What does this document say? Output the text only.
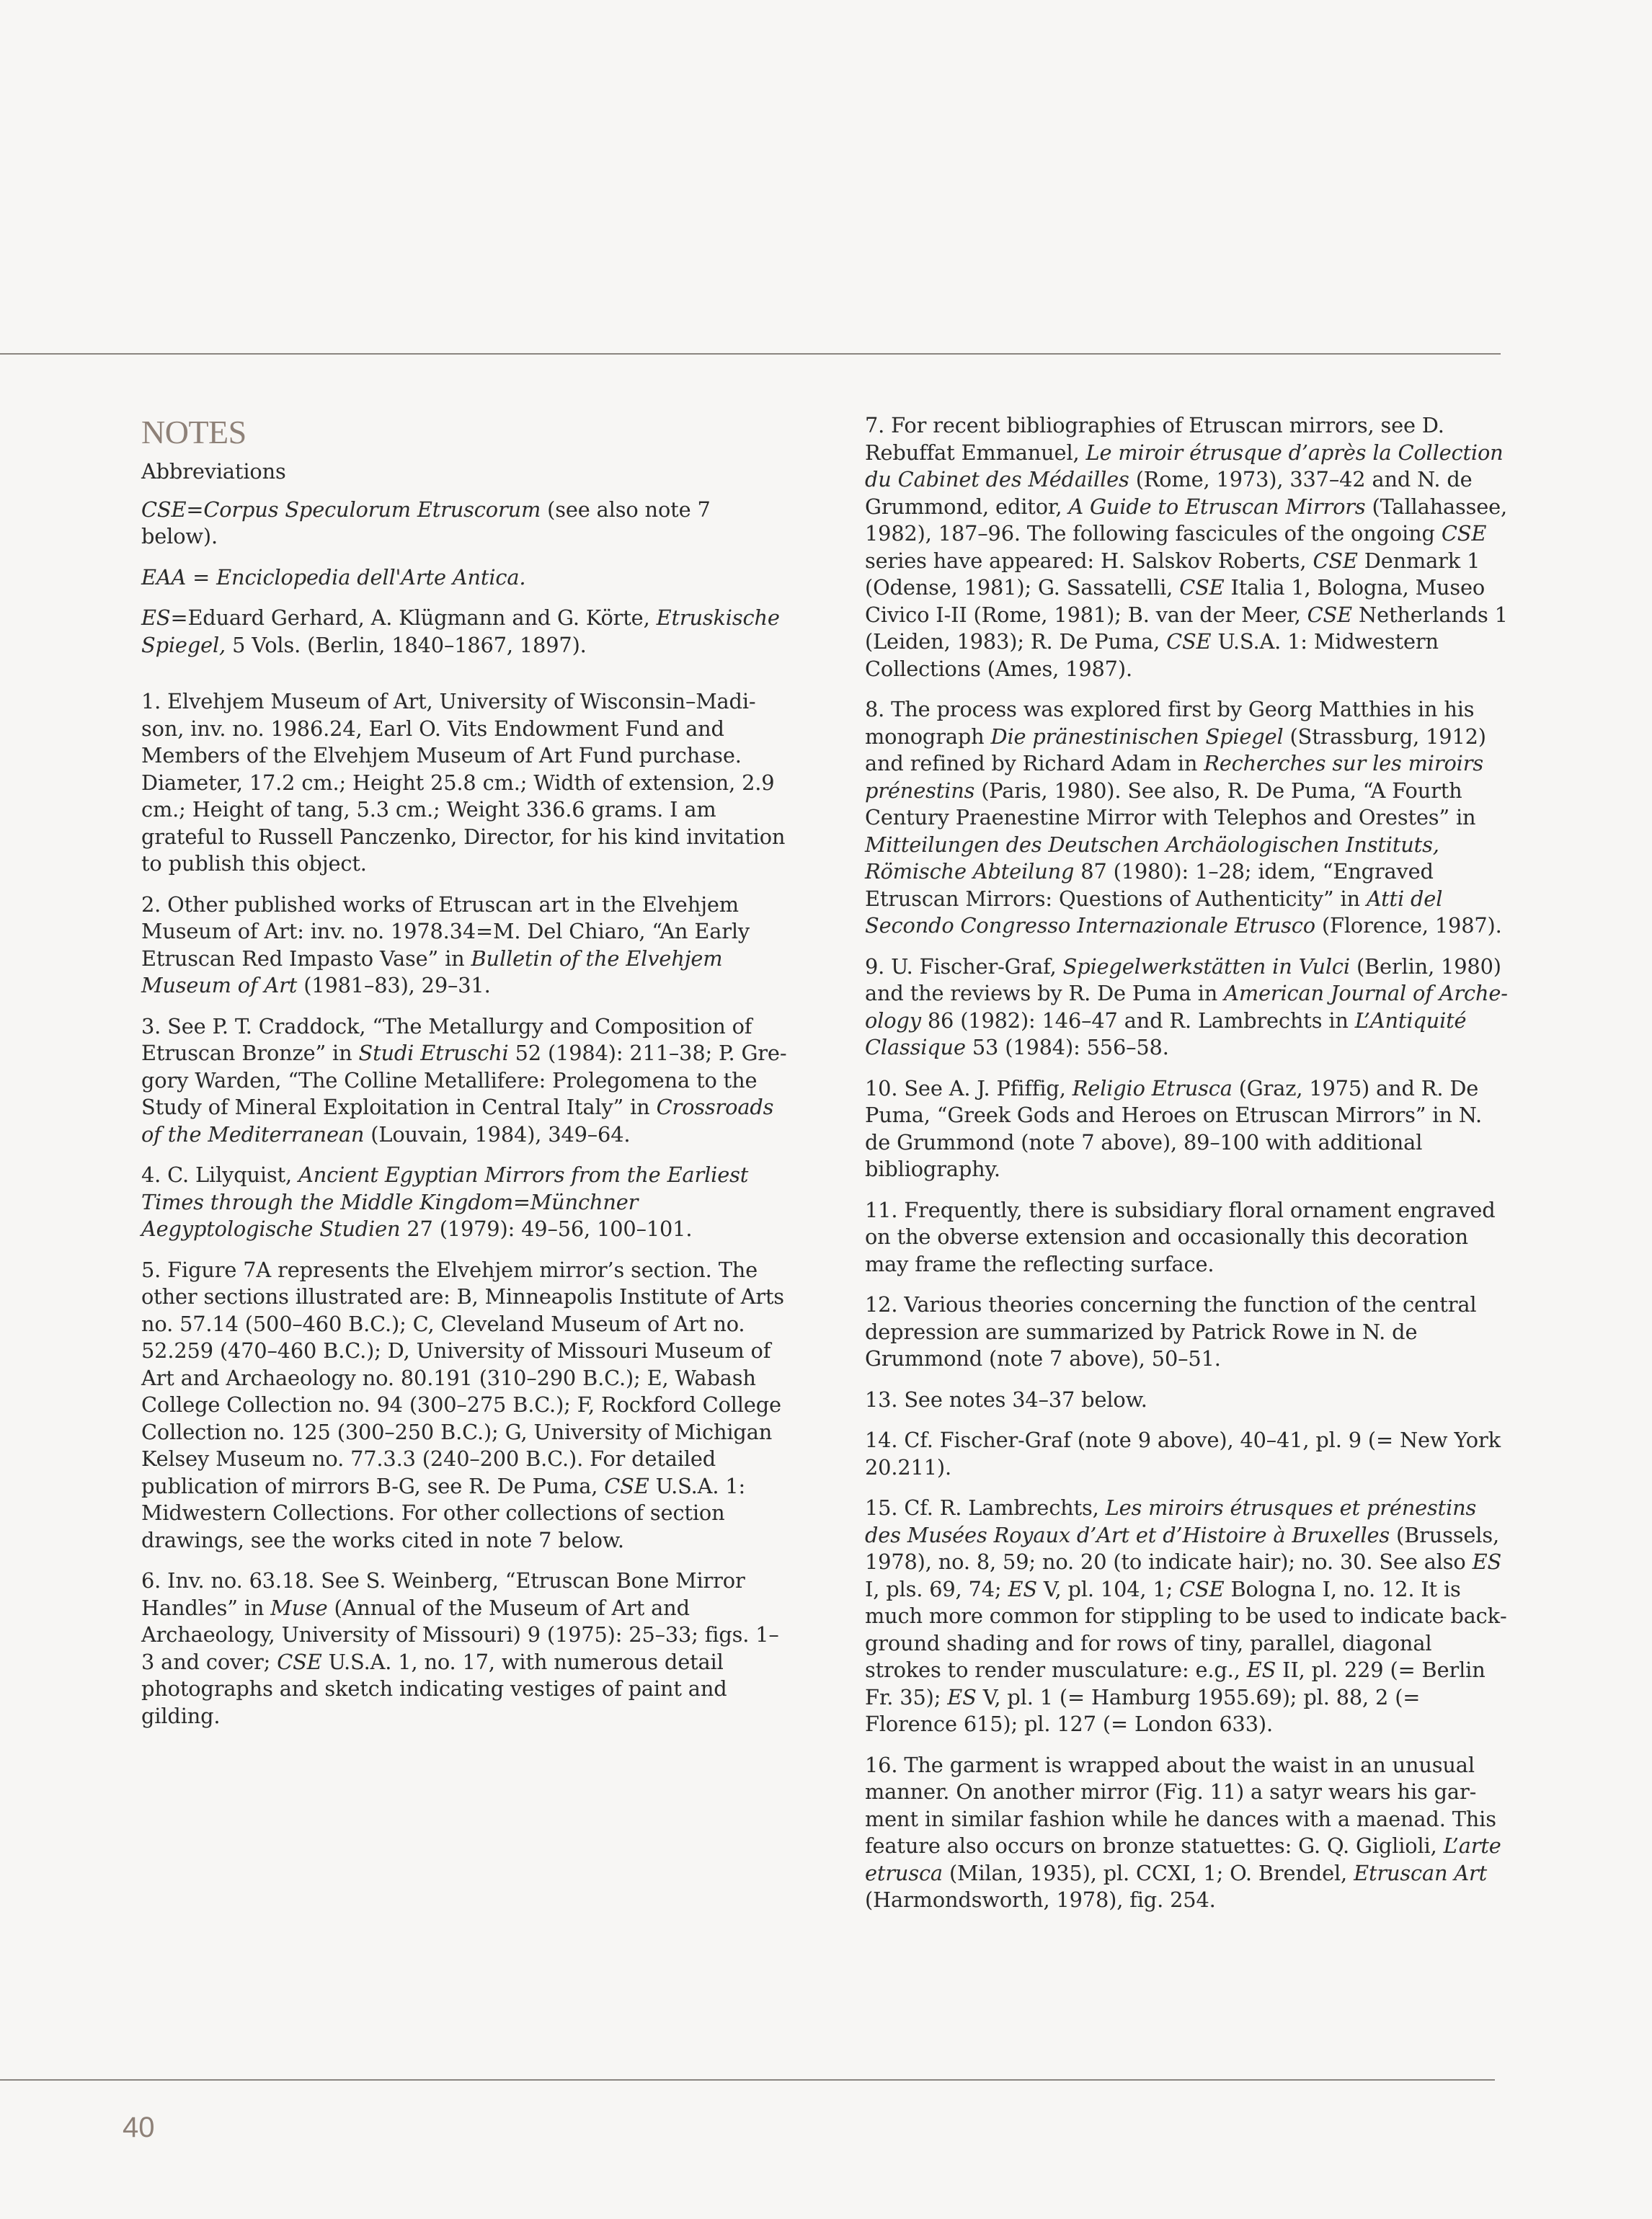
NOTES

Abbreviations

CSE=Corpus Speculorum Etruscorum (see also note 7 below).

EAA = Enciclopedia dell'Arte Antica.

ES=Eduard Gerhard, A. Klügmann and G. Körte, Etruskische Spiegel, 5 Vols. (Berlin, 1840–1867, 1897).

1. Elvehjem Museum of Art, University of Wisconsin–Madison, inv. no. 1986.24, Earl O. Vits Endowment Fund and Members of the Elvehjem Museum of Art Fund purchase. Diameter, 17.2 cm.; Height 25.8 cm.; Width of extension, 2.9 cm.; Height of tang, 5.3 cm.; Weight 336.6 grams. I am grateful to Russell Panczenko, Director, for his kind invitation to publish this object.

2. Other published works of Etruscan art in the Elvehjem Museum of Art: inv. no. 1978.34=M. Del Chiaro, “An Early Etruscan Red Impasto Vase” in Bulletin of the Elvehjem Museum of Art (1981–83), 29–31.

3. See P. T. Craddock, “The Metallurgy and Composition of Etruscan Bronze” in Studi Etruschi 52 (1984): 211–38; P. Gregory Warden, “The Colline Metallifere: Prolegomena to the Study of Mineral Exploitation in Central Italy” in Crossroads of the Mediterranean (Louvain, 1984), 349–64.

4. C. Lilyquist, Ancient Egyptian Mirrors from the Earliest Times through the Middle Kingdom=Münchner Aegyptologische Studien 27 (1979): 49–56, 100–101.

5. Figure 7A represents the Elvehjem mirror’s section. The other sections illustrated are: B, Minneapolis Institute of Arts no. 57.14 (500–460 B.C.); C, Cleveland Museum of Art no. 52.259 (470–460 B.C.); D, University of Missouri Museum of Art and Archaeology no. 80.191 (310–290 B.C.); E, Wabash College Collection no. 94 (300–275 B.C.); F, Rockford College Collection no. 125 (300–250 B.C.); G, University of Michigan Kelsey Museum no. 77.3.3 (240–200 B.C.). For detailed publication of mirrors B-G, see R. De Puma, CSE U.S.A. 1: Midwestern Collections. For other collections of section drawings, see the works cited in note 7 below.

6. Inv. no. 63.18. See S. Weinberg, “Etruscan Bone Mirror Handles” in Muse (Annual of the Museum of Art and Archaeology, University of Missouri) 9 (1975): 25–33; figs. 1–3 and cover; CSE U.S.A. 1, no. 17, with numerous detail photographs and sketch indicating vestiges of paint and gilding.

7. For recent bibliographies of Etruscan mirrors, see D. Rebuffat Emmanuel, Le miroir étrusque d’après la Collection du Cabinet des Médailles (Rome, 1973), 337–42 and N. de Grummond, editor, A Guide to Etruscan Mirrors (Tallahassee, 1982), 187–96. The following fascicules of the ongoing CSE series have appeared: H. Salskov Roberts, CSE Denmark 1 (Odense, 1981); G. Sassatelli, CSE Italia 1, Bologna, Museo Civico I-II (Rome, 1981); B. van der Meer, CSE Netherlands 1 (Leiden, 1983); R. De Puma, CSE U.S.A. 1: Midwestern Collections (Ames, 1987).

8. The process was explored first by Georg Matthies in his monograph Die pränestinischen Spiegel (Strassburg, 1912) and refined by Richard Adam in Recherches sur les miroirs prénestins (Paris, 1980). See also, R. De Puma, “A Fourth Century Praenestine Mirror with Telephos and Orestes” in Mitteilungen des Deutschen Archäologischen Instituts, Römische Abteilung 87 (1980): 1–28; idem, “Engraved Etruscan Mirrors: Questions of Authenticity” in Atti del Secondo Congresso Internazionale Etrusco (Florence, 1987).

9. U. Fischer-Graf, Spiegelwerkstätten in Vulci (Berlin, 1980) and the reviews by R. De Puma in American Journal of Archeology 86 (1982): 146–47 and R. Lambrechts in L’Antiquité Classique 53 (1984): 556–58.

10. See A. J. Pfiffig, Religio Etrusca (Graz, 1975) and R. De Puma, “Greek Gods and Heroes on Etruscan Mirrors” in N. de Grummond (note 7 above), 89–100 with additional bibliography.

11. Frequently, there is subsidiary floral ornament engraved on the obverse extension and occasionally this decoration may frame the reflecting surface.

12. Various theories concerning the function of the central depression are summarized by Patrick Rowe in N. de Grummond (note 7 above), 50–51.

13. See notes 34–37 below.

14. Cf. Fischer-Graf (note 9 above), 40–41, pl. 9 (= New York 20.211).

15. Cf. R. Lambrechts, Les miroirs étrusques et prénestins des Musées Royaux d’Art et d’Histoire à Bruxelles (Brussels, 1978), no. 8, 59; no. 20 (to indicate hair); no. 30. See also ES I, pls. 69, 74; ES V, pl. 104, 1; CSE Bologna I, no. 12. It is much more common for stippling to be used to indicate background shading and for rows of tiny, parallel, diagonal strokes to render musculature: e.g., ES II, pl. 229 (= Berlin Fr. 35); ES V, pl. 1 (= Hamburg 1955.69); pl. 88, 2 (= Florence 615); pl. 127 (= London 633).

16. The garment is wrapped about the waist in an unusual manner. On another mirror (Fig. 11) a satyr wears his garment in similar fashion while he dances with a maenad. This feature also occurs on bronze statuettes: G. Q. Giglioli, L’arte etrusca (Milan, 1935), pl. CCXI, 1; O. Brendel, Etruscan Art (Harmondsworth, 1978), fig. 254.

40
